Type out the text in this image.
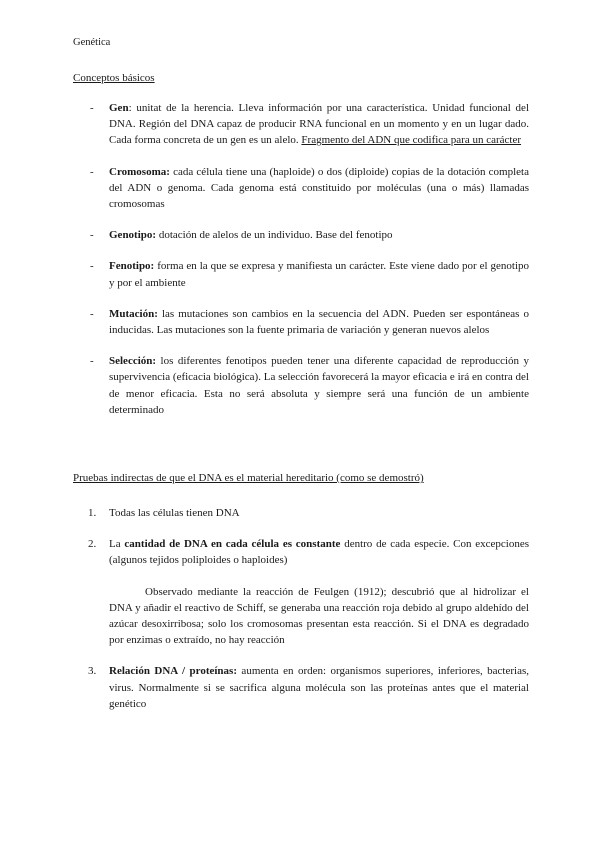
Genética
Conceptos básicos
- Gen: unitat de la herencia. Lleva información por una característica. Unidad funcional del DNA. Región del DNA capaz de producir RNA funcional en un momento y en un lugar dado. Cada forma concreta de un gen es un alelo. Fragmento del ADN que codifica para un carácter
- Cromosoma: cada célula tiene una (haploide) o dos (diploide) copias de la dotación completa del ADN o genoma. Cada genoma está constituido por moléculas (una o más) llamadas cromosomas
- Genotipo: dotación de alelos de un individuo. Base del fenotipo
- Fenotipo: forma en la que se expresa y manifiesta un carácter. Este viene dado por el genotipo y por el ambiente
- Mutación: las mutaciones son cambios en la secuencia del ADN. Pueden ser espontáneas o inducidas. Las mutaciones son la fuente primaria de variación y generan nuevos alelos
- Selección: los diferentes fenotipos pueden tener una diferente capacidad de reproducción y supervivencia (eficacia biológica). La selección favorecerá la mayor eficacia e irá en contra del de menor eficacia. Esta no será absoluta y siempre será una función de un ambiente determinado
Pruebas indirectas de que el DNA es el material hereditario (como se demostró)
1. Todas las células tienen DNA
2. La cantidad de DNA en cada célula es constante dentro de cada especie. Con excepciones (algunos tejidos poliploides o haploides)
Observado mediante la reacción de Feulgen (1912); descubrió que al hidrolizar el DNA y añadir el reactivo de Schiff, se generaba una reacción roja debido al grupo aldehído del azúcar desoxirribosa; solo los cromosomas presentan esta reacción. Si el DNA es degradado por enzimas o extraído, no hay reacción
3. Relación DNA / proteínas: aumenta en orden: organismos superiores, inferiores, bacterias, virus. Normalmente si se sacrifica alguna molécula son las proteínas antes que el material genético
